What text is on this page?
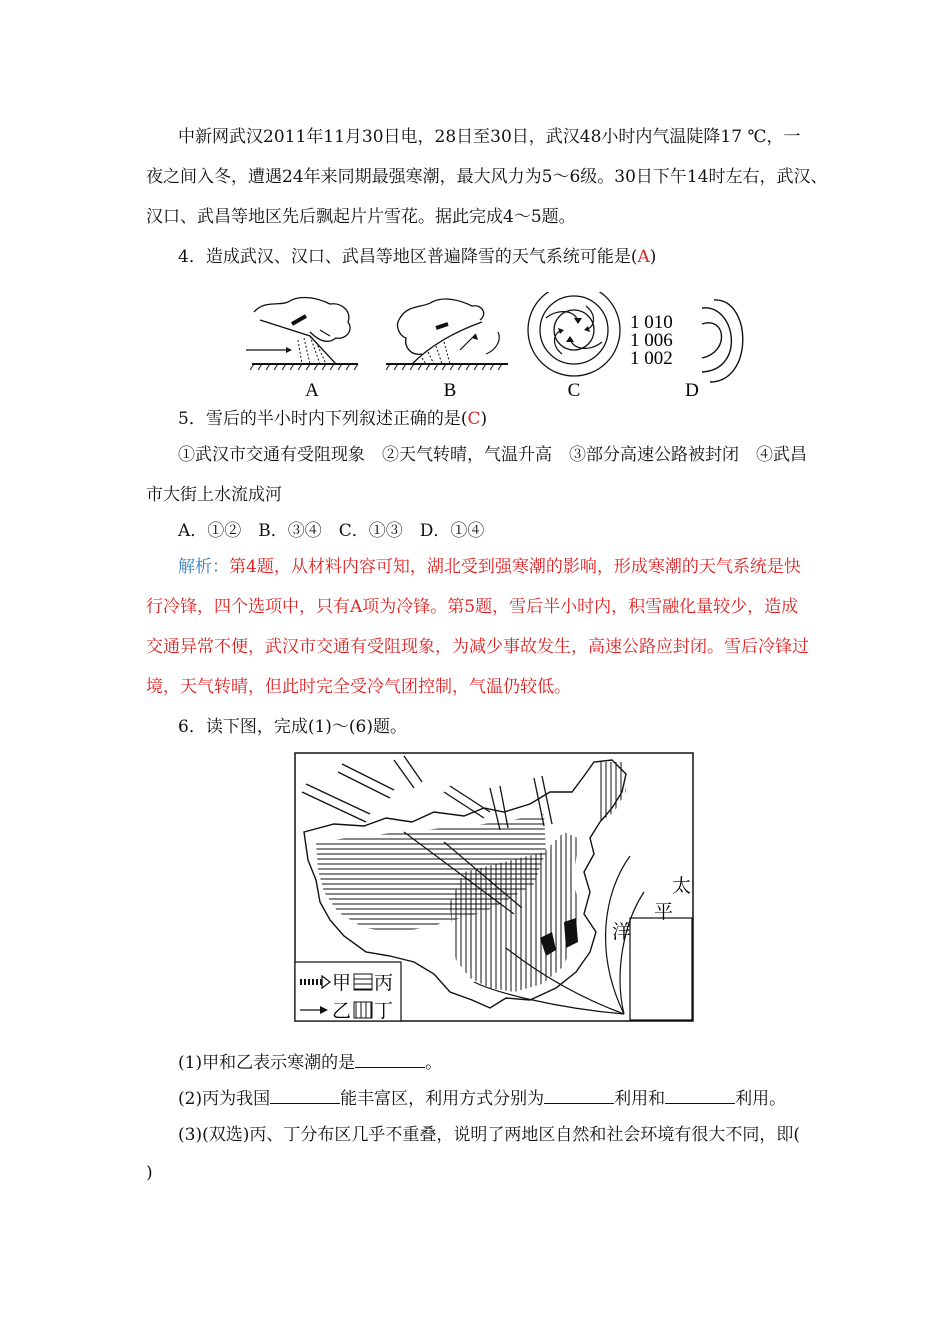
中新网武汉2011年11月30日电，28日至30日，武汉48小时内气温陡降17 ℃，一
夜之间入冬，遭遇24年来同期最强寒潮，最大风力为5～6级。30日下午14时左右，武汉、
汉口、武昌等地区先后飘起片片雪花。据此完成4～5题。
4．造成武汉、汉口、武昌等地区普遍降雪的天气系统可能是(A)
A	B	C
1 010
1 006
1 002
D
5．雪后的半小时内下列叙述正确的是(C)
①武汉市交通有受阻现象　②天气转晴，气温升高　③部分高速公路被封闭　④武昌
市大街上水流成河
A．①②　B．③④　C．①③　D．①④
解析：第4题，从材料内容可知，湖北受到强寒潮的影响，形成寒潮的天气系统是快
行冷锋，四个选项中，只有A项为冷锋。第5题，雪后半小时内，积雪融化量较少，造成
交通异常不便，武汉市交通有受阻现象，为减少事故发生，高速公路应封闭。雪后冷锋过
境，天气转晴，但此时完全受冷气团控制，气温仍较低。
6．读下图，完成(1)～(6)题。
太
平
洋
甲 丙
乙 丁
(1)甲和乙表示寒潮的是	。
(2)丙为我国	能丰富区，利用方式分别为	利用和	利用。
(3)(双选)丙、丁分布区几乎不重叠，说明了两地区自然和社会环境有很大不同，即(
)
